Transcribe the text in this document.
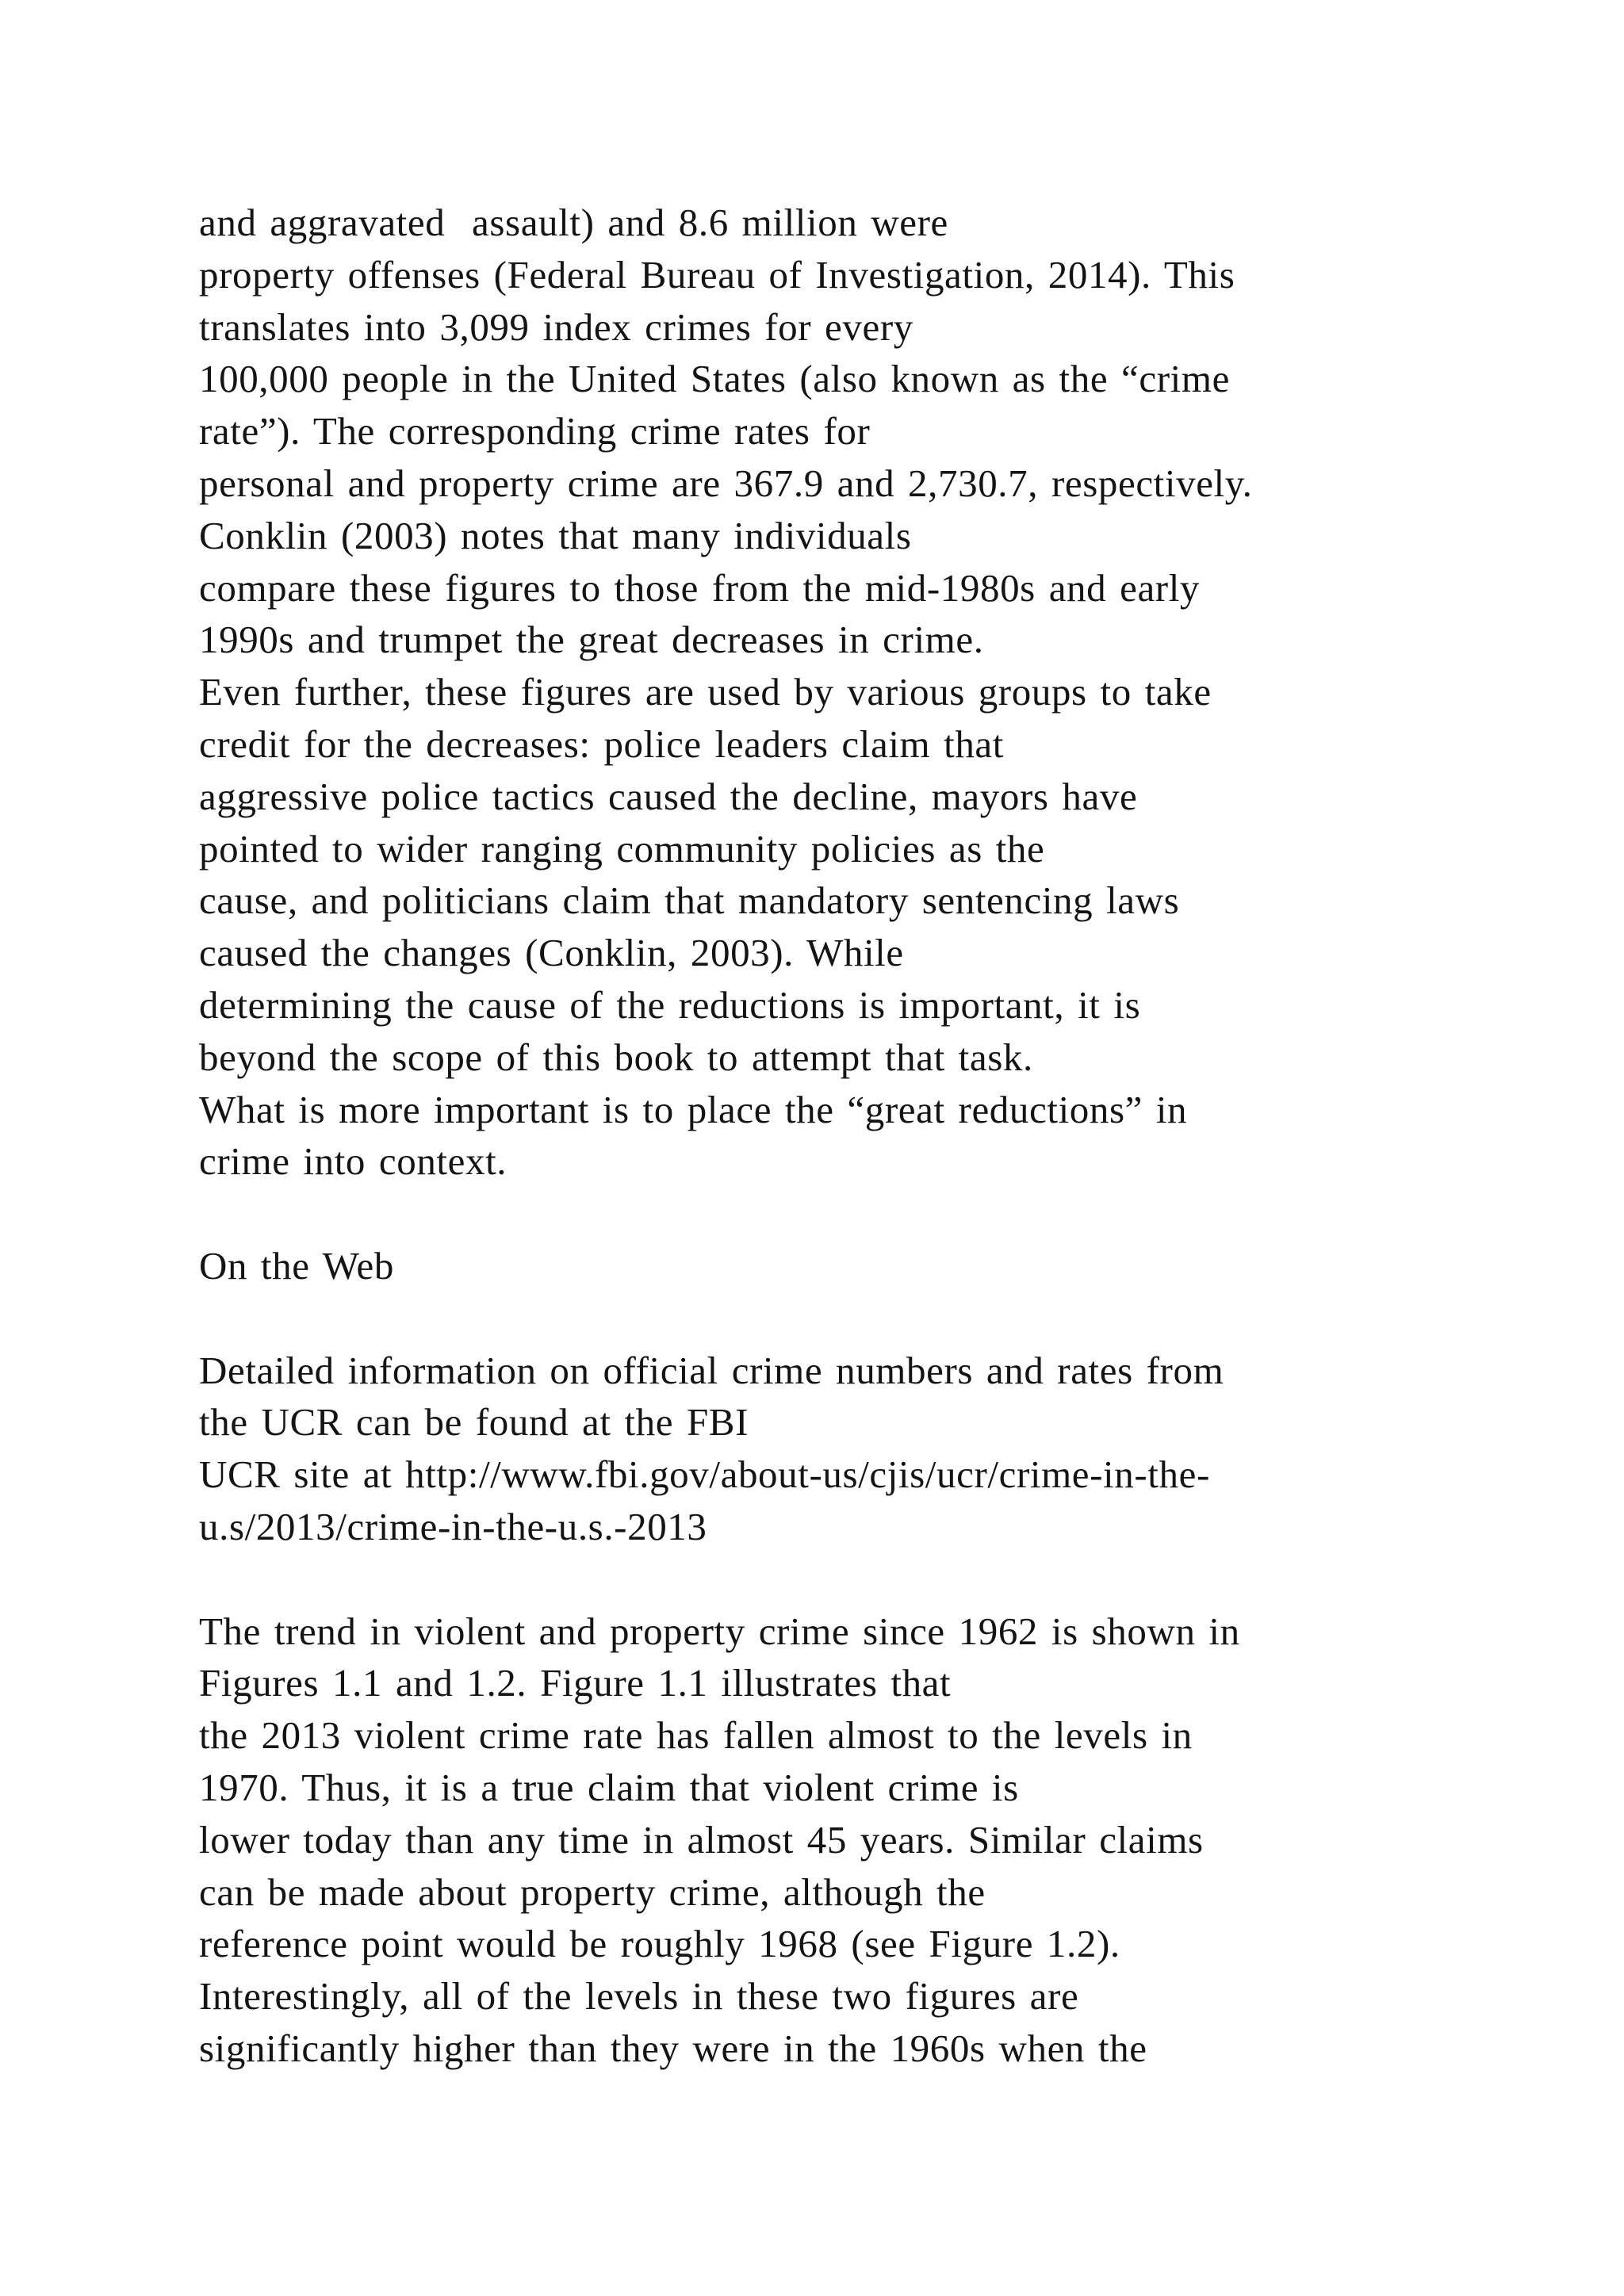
and aggravated  assault) and 8.6 million were
property offenses (Federal Bureau of Investigation, 2014). This
translates into 3,099 index crimes for every
100,000 people in the United States (also known as the “crime
rate”). The corresponding crime rates for
personal and property crime are 367.9 and 2,730.7, respectively.
Conklin (2003) notes that many individuals
compare these figures to those from the mid-1980s and early
1990s and trumpet the great decreases in crime.
Even further, these figures are used by various groups to take
credit for the decreases: police leaders claim that
aggressive police tactics caused the decline, mayors have
pointed to wider ranging community policies as the
cause, and politicians claim that mandatory sentencing laws
caused the changes (Conklin, 2003). While
determining the cause of the reductions is important, it is
beyond the scope of this book to attempt that task.
What is more important is to place the “great reductions” in
crime into context.
On the Web
Detailed information on official crime numbers and rates from
the UCR can be found at the FBI
UCR site at http://www.fbi.gov/about-us/cjis/ucr/crime-in-the-
u.s/2013/crime-in-the-u.s.-2013
The trend in violent and property crime since 1962 is shown in
Figures 1.1 and 1.2. Figure 1.1 illustrates that
the 2013 violent crime rate has fallen almost to the levels in
1970. Thus, it is a true claim that violent crime is
lower today than any time in almost 45 years. Similar claims
can be made about property crime, although the
reference point would be roughly 1968 (see Figure 1.2).
Interestingly, all of the levels in these two figures are
significantly higher than they were in the 1960s when the
